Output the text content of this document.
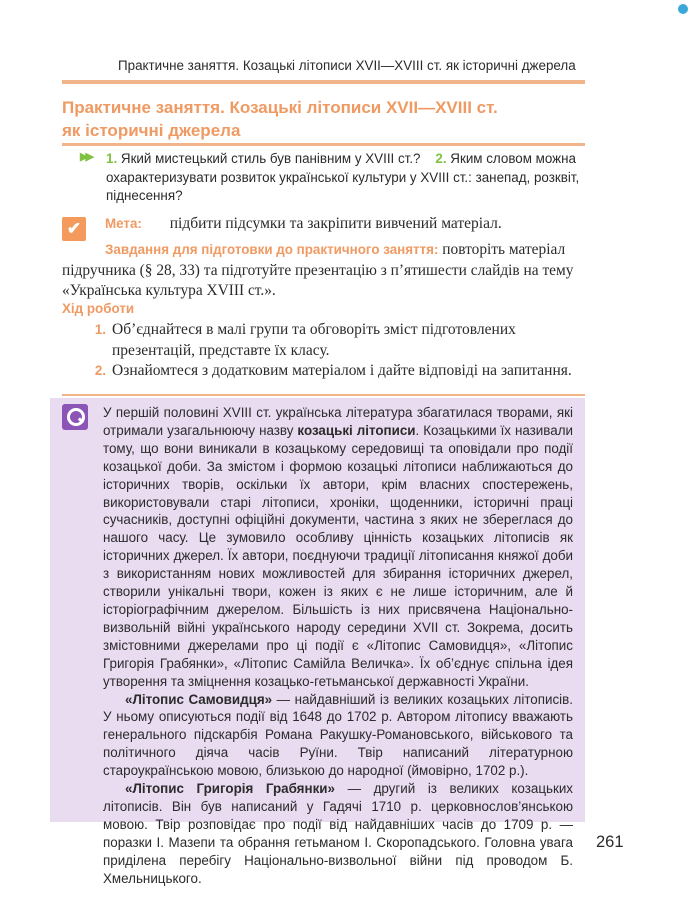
Практичне заняття. Козацькі літописи XVII—XVIII ст. як історичні джерела
Практичне заняття. Козацькі літописи XVII—XVIII ст.
як історичні джерела
▶▶ 1. Який мистецький стиль був панівним у XVIII ст.? 2. Яким словом можна охарактеризувати розвиток української культури у XVIII ст.: занепад, розквіт, піднесення?
✔	Мета: підбити підсумки та закріпити вивчений матеріал.
Завдання для підготовки до практичного заняття: повторіть матеріал підручника (§ 28, 33) та підготуйте презентацію з п’ятишести слайдів на тему «Українська культура XVIII ст.».
Хід роботи
1. Об’єднайтеся в малі групи та обговоріть зміст підготовлених презентацій, представте їх класу.
2. Ознайомтеся з додатковим матеріалом і дайте відповіді на запитання.

У першій половині XVIII ст. українська література збагатилася творами, які отримали узагальнюючу назву козацькі літописи. Козацькими їх називали тому, що вони виникали в козацькому середовищі та оповідали про події козацької доби. За змістом і формою козацькі літописи наближаються до історичних творів, оскільки їх автори, крім власних спостережень, використовували старі літописи, хроніки, щоденники, історичні праці сучасників, доступні офіційні документи, частина з яких не збереглася до нашого часу. Це зумовило особливу цінність козацьких літописів як історичних джерел. Їх автори, поєднуючи традиції літописання княжої доби з використанням нових можливостей для збирання історичних джерел, створили унікальні твори, кожен із яких є не лише історичним, але й історіографічним джерелом. Більшість із них присвячена Національно-визвольній війні українського народу середини XVII ст. Зокрема, досить змістовними джерелами про ці події є «Літопис Самовидця», «Літопис Григорія Грабянки», «Літопис Самійла Величка». Їх об’єднує спільна ідея утворення та зміцнення козацько-гетьманської державності України.

«Літопис Самовидця» — найдавніший із великих козацьких літописів. У ньому описуються події від 1648 до 1702 р. Автором літопису вважають генерального підскарбія Романа Ракушку-Романовського, військового та політичного діяча часів Руїни. Твір написаний літературною староукраїнською мовою, близькою до народної (ймовірно, 1702 р.).

«Літопис Григорія Грабянки» — другий із великих козацьких літописів. Він був написаний у Гадячі 1710 р. церковнослов’янською мовою. Твір розповідає про події від найдавніших часів до 1709 р. — поразки І. Мазепи та обрання гетьманом І. Скоропадського. Головна увага приділена перебігу Національно-визвольної війни під проводом Б. Хмельницького.

261
